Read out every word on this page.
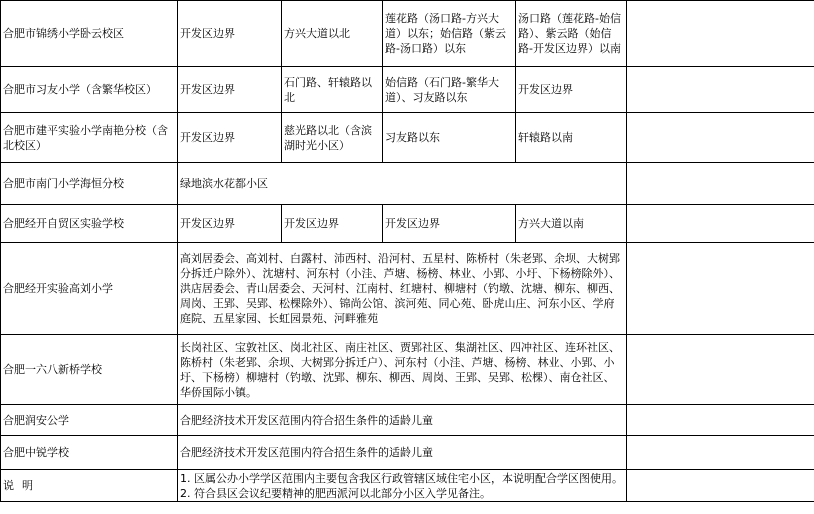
合肥市锦绣小学卧云校区	开发区边界	方兴大道以北	莲花路（汤口路-方兴大道）以东；始信路（紫云路-汤口路）以东	汤口路（莲花路-始信路）、紫云路（始信路-开发区边界）以南	
合肥市习友小学（含繁华校区）	开发区边界	石门路、轩辕路以北	始信路（石门路-繁华大道）、习友路以东	开发区边界	
合肥市建平实验小学南艳分校（含北校区）	开发区边界	慈光路以北（含滨湖时光小区）	习友路以东	轩辕路以南	
合肥市南门小学海恒分校	绿地滨水花都小区				
合肥经开自贸区实验学校	开发区边界	开发区边界	开发区边界	方兴大道以南	
合肥经开实验高刘小学	高刘居委会、高刘村、白露村、沛西村、沿河村、五星村、陈桥村（朱老郢、余坝、大树郢分拆迁户除外）、沈塘村、河东村（小洼、芦塘、杨榜、林业、小郢、小圩、下杨榜除外）、洪店居委会、青山居委会、天河村、江南村、红塘村、柳塘村（钓墩、沈塘、柳东、柳西、周岗、王郢、吴郢、松棵除外）、锦尚公馆、滨河苑、同心苑、卧虎山庄、河东小区、学府庭院、五星家园、长虹园景苑、河畔雅苑				
合肥一六八新桥学校	长岗社区、宝敦社区、岗北社区、南庄社区、贾郢社区、集湖社区、四冲社区、连环社区、陈桥村（朱老郢、余坝、大树郢分拆迁户）、河东村（小洼、芦塘、杨榜、林业、小郢、小圩、下杨榜）柳塘村（钓墩、沈郢、柳东、柳西、周岗、王郢、吴郢、松棵）、南仓社区、华侨国际小镇。				
合肥润安公学	合肥经济技术开发区范围内符合招生条件的适龄儿童				
合肥中锐学校	合肥经济技术开发区范围内符合招生条件的适龄儿童				
说明	1. 区属公办小学学区范围内主要包含我区行政管辖区域住宅小区，本说明配合学区图使用。
2. 符合县区会议纪要精神的肥西派河以北部分小区入学见备注。				
